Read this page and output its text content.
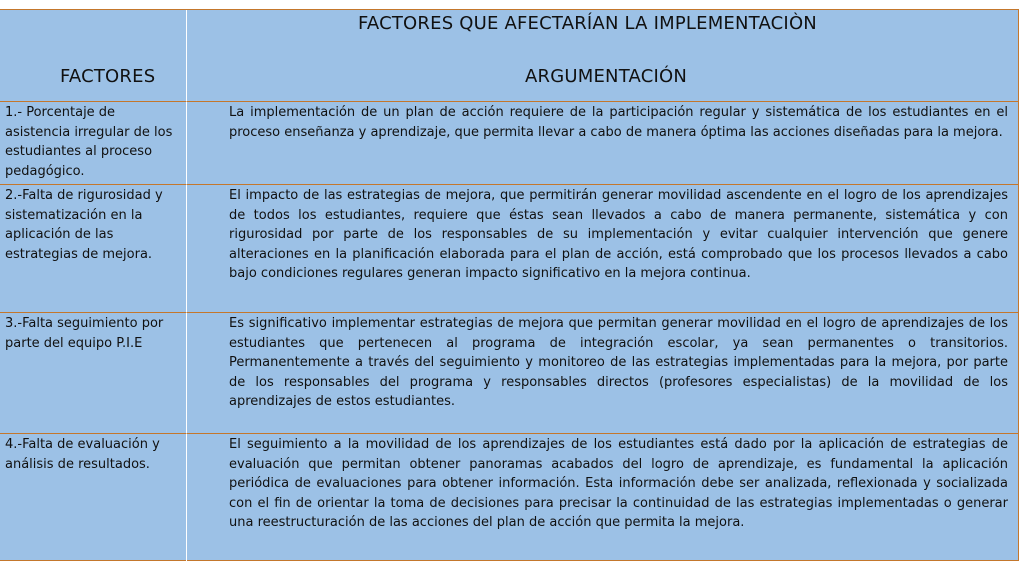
FACTORES
FACTORES QUE AFECTARÍAN LA IMPLEMENTACIÒN
ARGUMENTACIÓN
1.- Porcentaje de asistencia irregular de los estudiantes al proceso pedagógico.
La implementación de un plan de acción requiere de la participación regular y sistemática de los estudiantes en el proceso enseñanza y aprendizaje, que permita llevar a cabo de manera óptima las acciones diseñadas para la mejora.
2.-Falta de rigurosidad y sistematización en la aplicación de las estrategias de mejora.
El impacto de las estrategias de mejora, que permitirán generar movilidad ascendente en el logro de los aprendizajes de todos los estudiantes, requiere que éstas sean llevados a cabo de manera permanente, sistemática y con rigurosidad por parte de los responsables de su implementación y evitar cualquier intervención que genere alteraciones en la planificación elaborada para el plan de acción, está comprobado que los procesos llevados a cabo bajo condiciones regulares generan impacto significativo en la mejora continua.
3.-Falta seguimiento por parte del equipo P.I.E
Es significativo implementar estrategias de mejora que permitan generar movilidad en el logro de aprendizajes de los estudiantes que pertenecen al programa de integración escolar, ya sean permanentes o transitorios. Permanentemente a través del seguimiento y monitoreo de las estrategias implementadas para la mejora, por parte de los responsables del programa y responsables directos (profesores especialistas) de la movilidad de los aprendizajes de estos estudiantes.
4.-Falta de evaluación y análisis de resultados.
El seguimiento a la movilidad de los aprendizajes de los estudiantes está dado por la aplicación de estrategias de evaluación que permitan obtener panoramas acabados del logro de aprendizaje, es fundamental la aplicación periódica de evaluaciones para obtener información. Esta información debe ser analizada, reflexionada y socializada con el fin de orientar la toma de decisiones para precisar la continuidad de las estrategias implementadas o generar una reestructuración de las acciones del plan de acción que permita la mejora.
